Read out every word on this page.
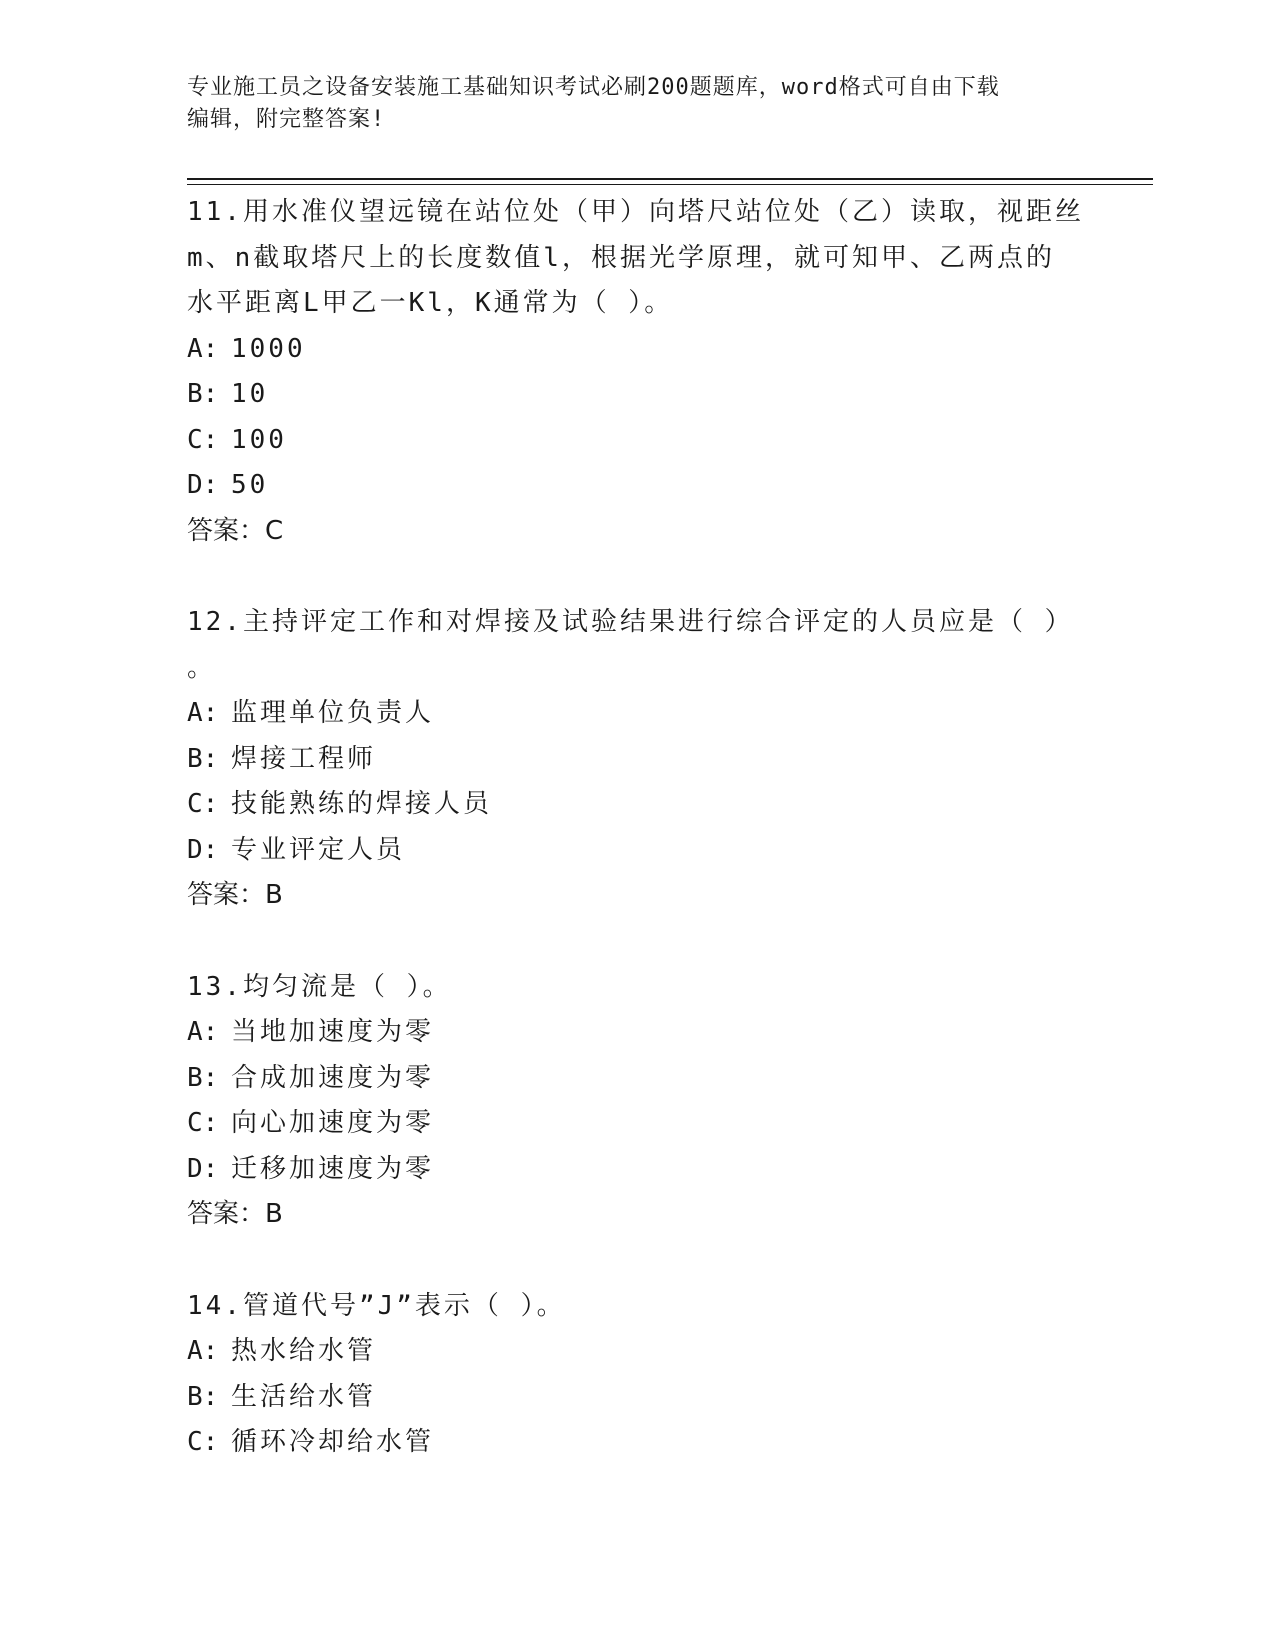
专业施工员之设备安装施工基础知识考试必刷200题题库，word格式可自由下载
编辑，附完整答案!
11.用水准仪望远镜在站位处（甲）向塔尺站位处（乙）读取，视距丝
m、n截取塔尺上的长度数值l，根据光学原理，就可知甲、乙两点的
水平距离L甲乙一Kl，K通常为（ ）。
A: 1000
B: 10
C: 100
D: 50
答案：C
12.主持评定工作和对焊接及试验结果进行综合评定的人员应是（ ）
。
A: 监理单位负责人
B: 焊接工程师
C: 技能熟练的焊接人员
D: 专业评定人员
答案：B
13.均匀流是（ ）。
A: 当地加速度为零
B: 合成加速度为零
C: 向心加速度为零
D: 迁移加速度为零
答案：B
14.管道代号”J”表示（ ）。
A: 热水给水管
B: 生活给水管
C: 循环冷却给水管
